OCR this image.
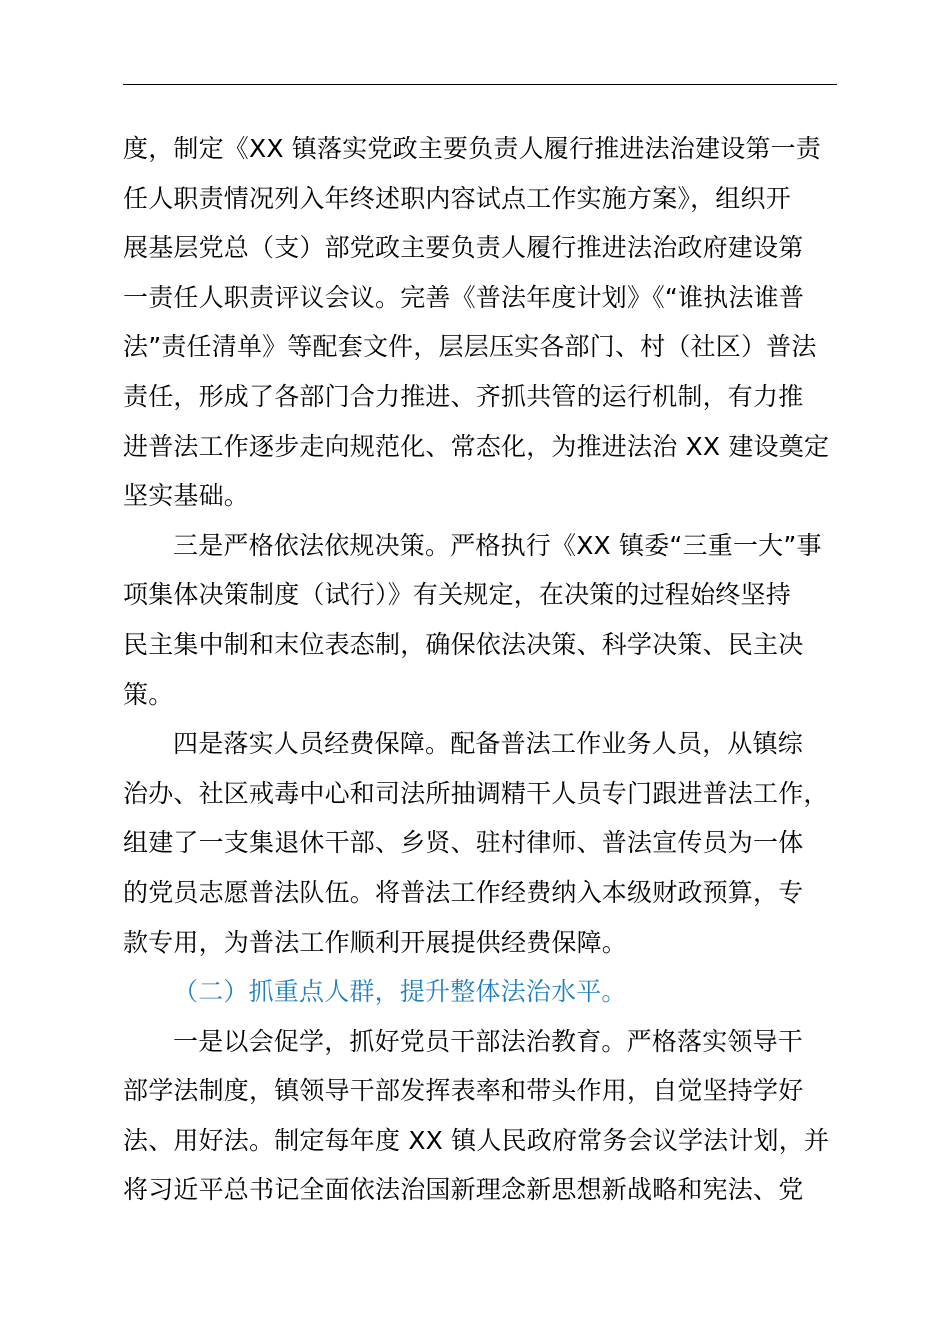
度，制定《XX 镇落实党政主要负责人履行推进法治建设第一责
任人职责情况列入年终述职内容试点工作实施方案》，组织开
展基层党总（支）部党政主要负责人履行推进法治政府建设第
一责任人职责评议会议。完善《普法年度计划》《“谁执法谁普
法”责任清单》等配套文件，层层压实各部门、村（社区）普法
责任，形成了各部门合力推进、齐抓共管的运行机制，有力推
进普法工作逐步走向规范化、常态化，为推进法治 XX 建设奠定
坚实基础。
三是严格依法依规决策。严格执行《XX 镇委“三重一大”事
项集体决策制度（试行）》有关规定，在决策的过程始终坚持
民主集中制和末位表态制，确保依法决策、科学决策、民主决
策。
四是落实人员经费保障。配备普法工作业务人员，从镇综
治办、社区戒毒中心和司法所抽调精干人员专门跟进普法工作，
组建了一支集退休干部、乡贤、驻村律师、普法宣传员为一体
的党员志愿普法队伍。将普法工作经费纳入本级财政预算，专
款专用，为普法工作顺利开展提供经费保障。
（二）抓重点人群，提升整体法治水平。
一是以会促学，抓好党员干部法治教育。严格落实领导干
部学法制度，镇领导干部发挥表率和带头作用，自觉坚持学好
法、用好法。制定每年度 XX 镇人民政府常务会议学法计划，并
将习近平总书记全面依法治国新理念新思想新战略和宪法、党
